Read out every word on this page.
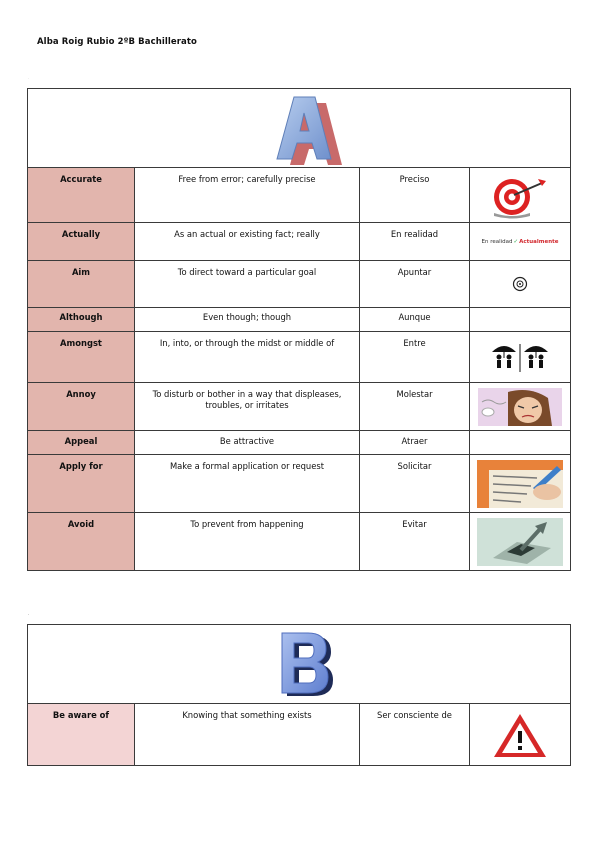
Alba Roig Rubio 2ºB Bachillerato
A			

Accurate	Free from error; carefully precise	Preciso	

Actually	As an actual or existing fact; really	En realidad	En realidad ✓ Actualmente

Aim	To direct toward a particular goal	Apuntar	

Although	Even though; though	Aunque	
Amongst	In, into, or through the midst or middle of	Entre	

Annoy	To disturb or bother in a way that displeases, troubles, or irritates	Molestar	

Appeal	Be attractive	Atraer	
Apply for	Make a formal application or request	Solicitar	

Avoid	To prevent from happening	Evitar	
B

Be aware of	Knowing that something exists	Ser consciente de	
